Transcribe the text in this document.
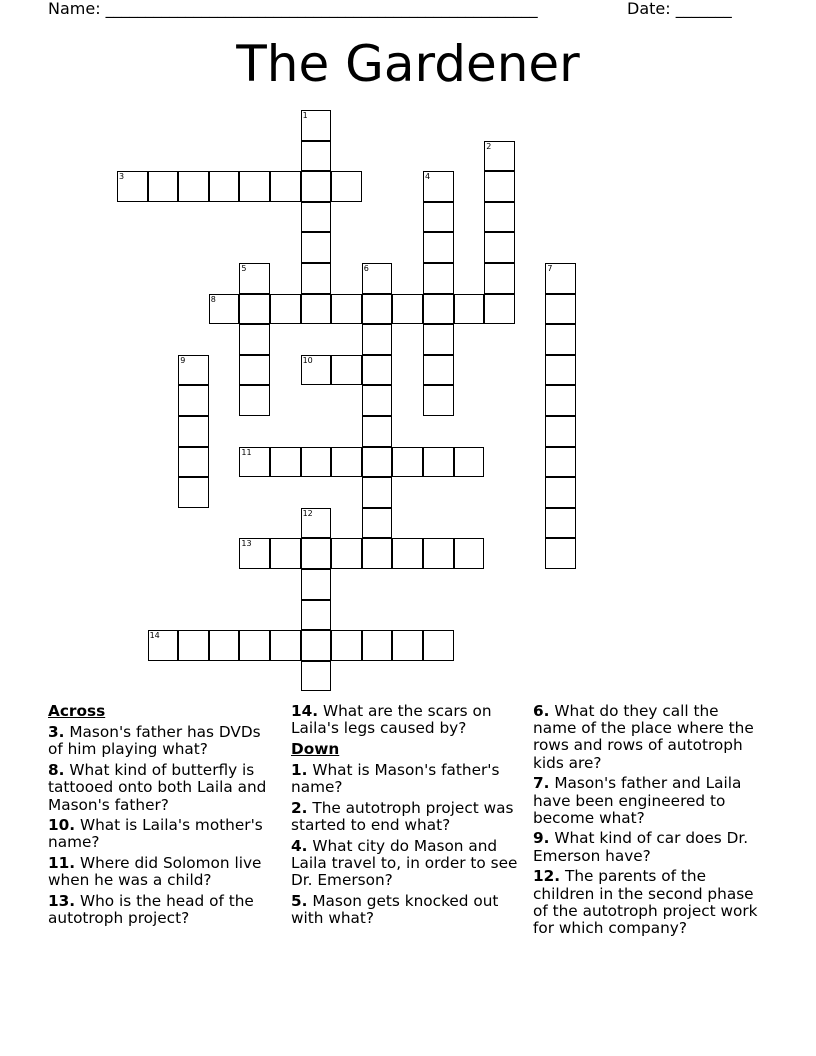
Name: ______________________________________________________	Date: _______
The Gardener
3
8
10
11
13
14
1
2
4
5	6	7
9
12
Across
3. Mason's father has DVDs of him playing what?
8. What kind of butterfly is tattooed onto both Laila and Mason's father?
10. What is Laila's mother's name?
11. Where did Solomon live when he was a child?
13. Who is the head of the autotroph project?
14. What are the scars on Laila's legs caused by?
Down
1. What is Mason's father's name?
2. The autotroph project was started to end what?
4. What city do Mason and Laila travel to, in order to see Dr. Emerson?
5. Mason gets knocked out with what?
6. What do they call the name of the place where the rows and rows of autotroph kids are?
7. Mason's father and Laila have been engineered to become what?
9. What kind of car does Dr. Emerson have?
12. The parents of the children in the second phase of the autotroph project work for which company?
